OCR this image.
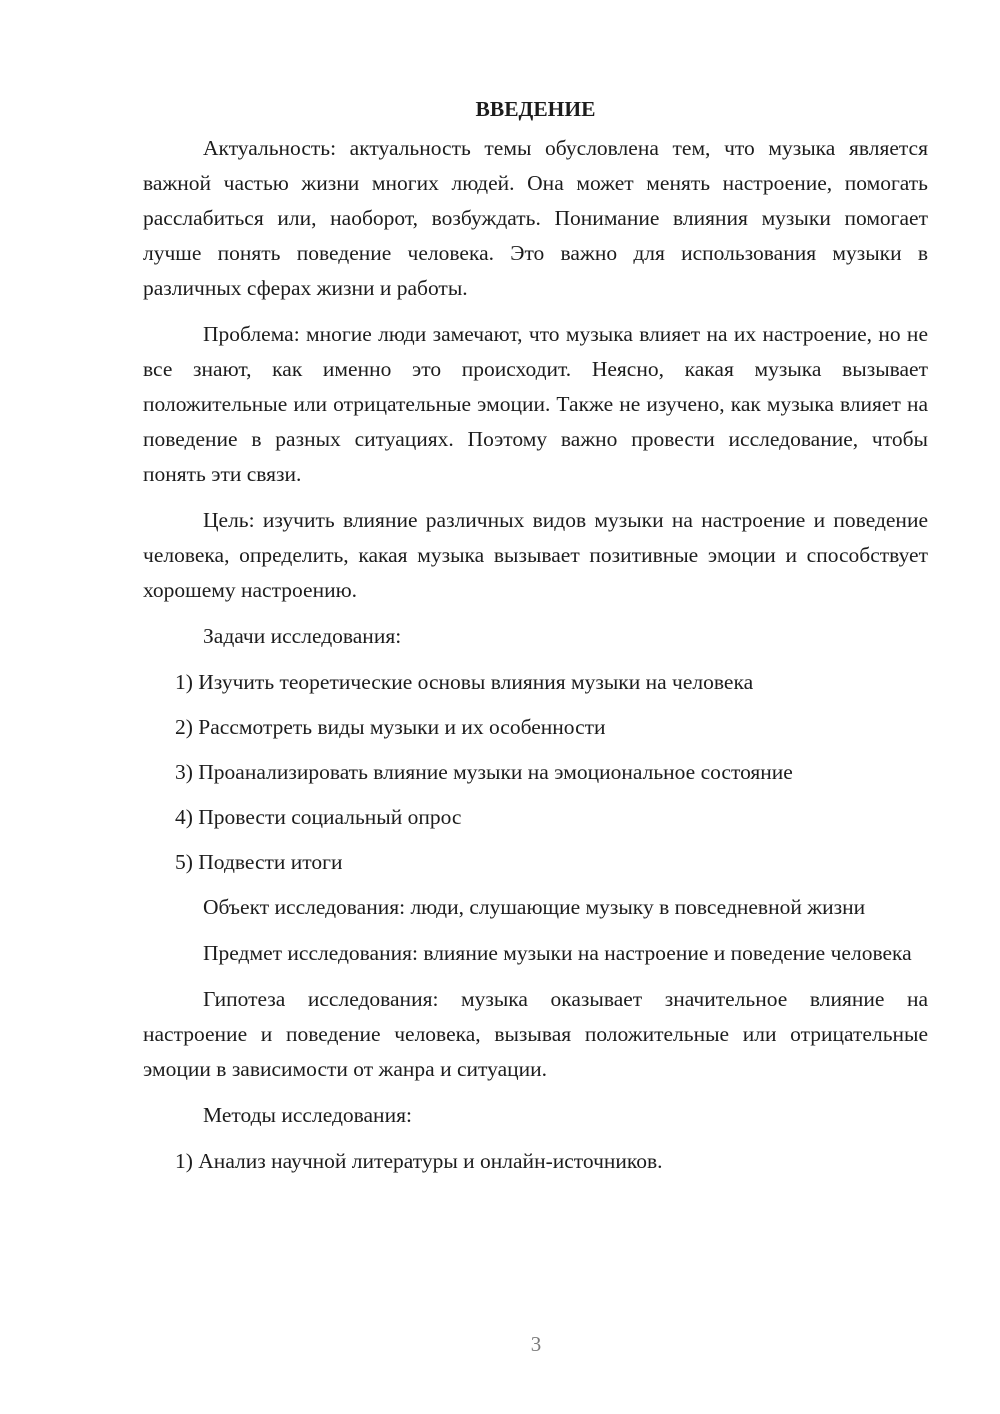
ВВЕДЕНИЕ
Актуальность: актуальность темы обусловлена тем, что музыка является важной частью жизни многих людей. Она может менять настроение, помогать расслабиться или, наоборот, возбуждать. Понимание влияния музыки помогает лучше понять поведение человека. Это важно для использования музыки в различных сферах жизни и работы.
Проблема: многие люди замечают, что музыка влияет на их настроение, но не все знают, как именно это происходит. Неясно, какая музыка вызывает положительные или отрицательные эмоции. Также не изучено, как музыка влияет на поведение в разных ситуациях. Поэтому важно провести исследование, чтобы понять эти связи.
Цель: изучить влияние различных видов музыки на настроение и поведение человека, определить, какая музыка вызывает позитивные эмоции и способствует хорошему настроению.
Задачи исследования:
1) Изучить теоретические основы влияния музыки на человека
2) Рассмотреть виды музыки и их особенности
3) Проанализировать влияние музыки на эмоциональное состояние
4) Провести социальный опрос
5) Подвести итоги
Объект исследования: люди, слушающие музыку в повседневной жизни
Предмет исследования: влияние музыки на настроение и поведение человека
Гипотеза исследования: музыка оказывает значительное влияние на настроение и поведение человека, вызывая положительные или отрицательные эмоции в зависимости от жанра и ситуации.
Методы исследования:
1) Анализ научной литературы и онлайн-источников.
3
